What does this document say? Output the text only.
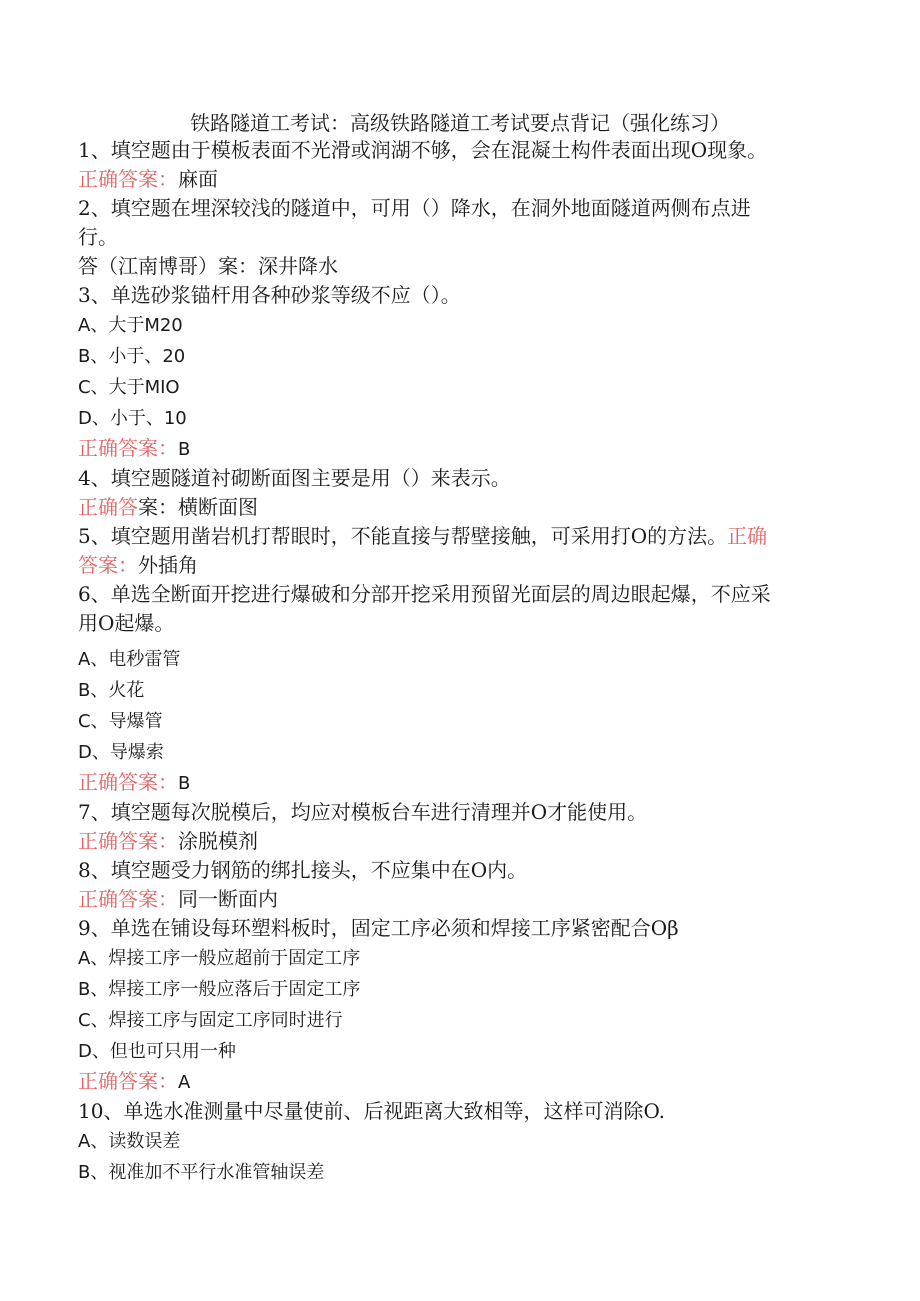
铁路隧道工考试：高级铁路隧道工考试要点背记（强化练习）
1、填空题由于模板表面不光滑或润湖不够，会在混凝土构件表面出现O现象。
正确答案：麻面
2、填空题在埋深较浅的隧道中，可用（）降水，在洞外地面隧道两侧布点进
行。
答（江南博哥）案：深井降水
3、单选砂浆锚杆用各种砂浆等级不应（）。
A、大于M20
B、小于、20
C、大于MIO
D、小于、10
正确答案：B
4、填空题隧道衬砌断面图主要是用（）来表示。
正确答案：横断面图
5、填空题用凿岩机打帮眼时，不能直接与帮壁接触，可采用打O的方法。正确
答案：外插角
6、单选全断面开挖进行爆破和分部开挖采用预留光面层的周边眼起爆，不应采
用O起爆。
A、电秒雷管
B、火花
C、导爆管
D、导爆索
正确答案：B
7、填空题每次脱模后，均应对模板台车进行清理并O才能使用。
正确答案：涂脱模剂
8、填空题受力钢筋的绑扎接头，不应集中在O内。
正确答案：同一断面内
9、单选在铺设每环塑料板时，固定工序必须和焊接工序紧密配合Oβ
A、焊接工序一般应超前于固定工序
B、焊接工序一般应落后于固定工序
C、焊接工序与固定工序同时进行
D、但也可只用一种
正确答案：A
10、单选水准测量中尽量使前、后视距离大致相等，这样可消除O.
A、读数误差
B、视准加不平行水准管轴误差
